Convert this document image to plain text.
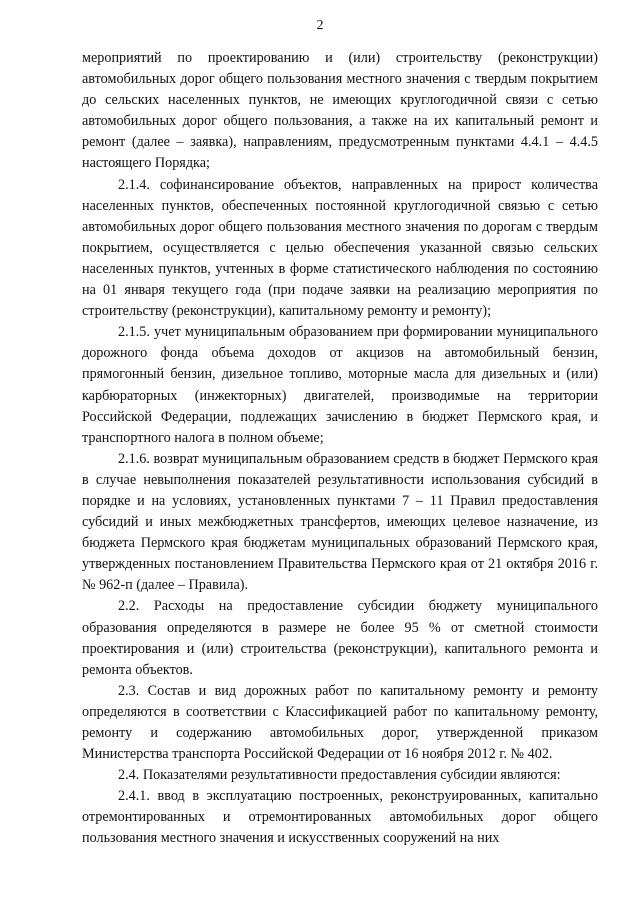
2

мероприятий по проектированию и (или) строительству (реконструкции) автомобильных дорог общего пользования местного значения с твердым покрытием до сельских населенных пунктов, не имеющих круглогодичной связи с сетью автомобильных дорог общего пользования, а также на их капитальный ремонт и ремонт (далее – заявка), направлениям, предусмотренным пунктами 4.4.1 – 4.4.5 настоящего Порядка;

2.1.4. софинансирование объектов, направленных на прирост количества населенных пунктов, обеспеченных постоянной круглогодичной связью с сетью автомобильных дорог общего пользования местного значения по дорогам с твердым покрытием, осуществляется с целью обеспечения указанной связью сельских населенных пунктов, учтенных в форме статистического наблюдения по состоянию на 01 января текущего года (при подаче заявки на реализацию мероприятия по строительству (реконструкции), капитальному ремонту и ремонту);

2.1.5. учет муниципальным образованием при формировании муниципального дорожного фонда объема доходов от акцизов на автомобильный бензин, прямогонный бензин, дизельное топливо, моторные масла для дизельных и (или) карбюраторных (инжекторных) двигателей, производимые на территории Российской Федерации, подлежащих зачислению в бюджет Пермского края, и транспортного налога в полном объеме;

2.1.6. возврат муниципальным образованием средств в бюджет Пермского края в случае невыполнения показателей результативности использования субсидий в порядке и на условиях, установленных пунктами 7 – 11 Правил предоставления субсидий и иных межбюджетных трансфертов, имеющих целевое назначение, из бюджета Пермского края бюджетам муниципальных образований Пермского края, утвержденных постановлением Правительства Пермского края от 21 октября 2016 г. № 962-п (далее – Правила).

2.2. Расходы на предоставление субсидии бюджету муниципального образования определяются в размере не более 95 % от сметной стоимости проектирования и (или) строительства (реконструкции), капитального ремонта и ремонта объектов.

2.3. Состав и вид дорожных работ по капитальному ремонту и ремонту определяются в соответствии с Классификацией работ по капитальному ремонту, ремонту и содержанию автомобильных дорог, утвержденной приказом Министерства транспорта Российской Федерации от 16 ноября 2012 г. № 402.

2.4. Показателями результативности предоставления субсидии являются:

2.4.1. ввод в эксплуатацию построенных, реконструированных, капитально отремонтированных и отремонтированных автомобильных дорог общего пользования местного значения и искусственных сооружений на них
